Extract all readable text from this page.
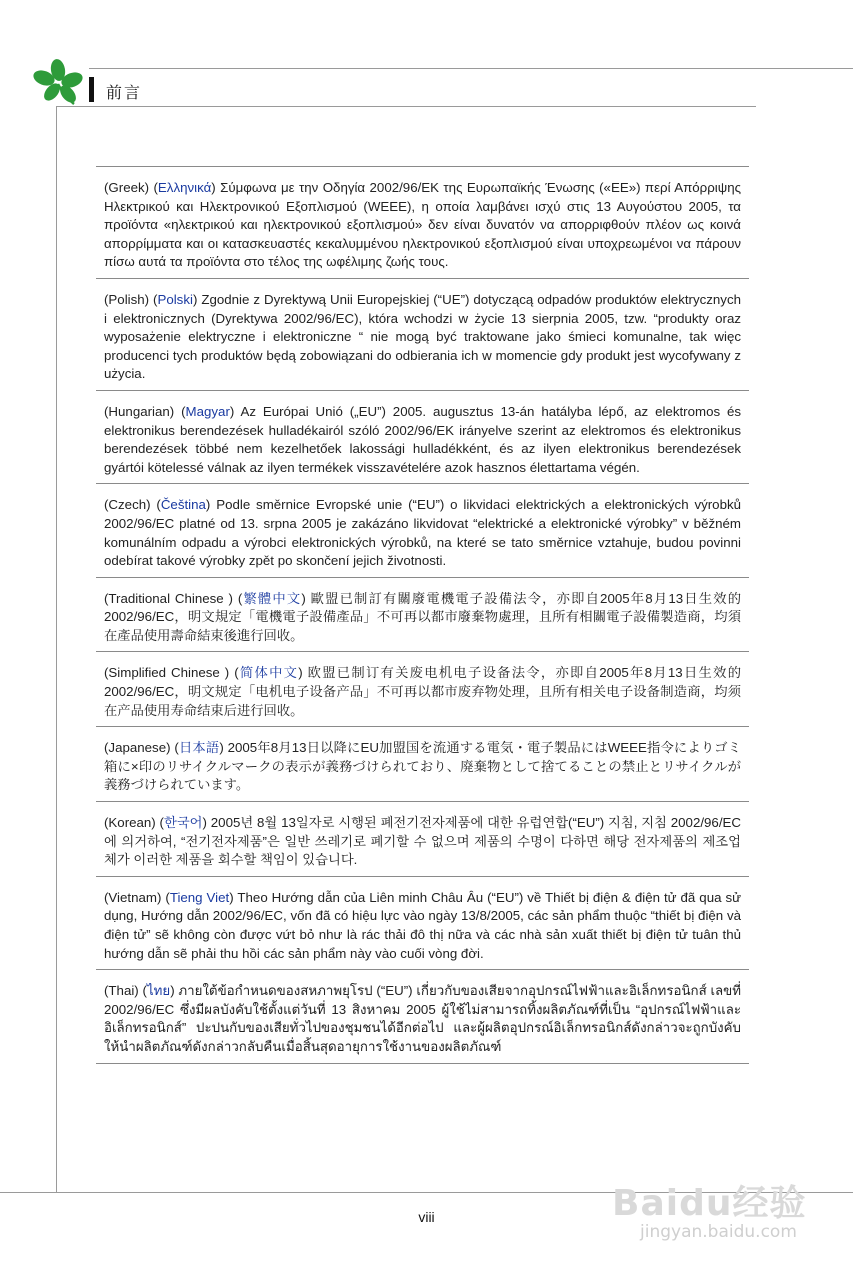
前言
(Greek) (Ελληνικά) Σύμφωνα με την Οδηγία 2002/96/ΕΚ της Ευρωπαϊκής Ένωσης («ΕΕ») περί Απόρριψης Ηλεκτρικού και Ηλεκτρονικού Εξοπλισμού (WEEE), η οποία λαμβάνει ισχύ στις 13 Αυγούστου 2005, τα προϊόντα «ηλεκτρικού και ηλεκτρονικού εξοπλισμού» δεν είναι δυνατόν να απορριφθούν πλέον ως κοινά απορρίμματα και οι κατασκευαστές κεκαλυμμένου ηλεκτρονικού εξοπλισμού είναι υποχρεωμένοι να πάρουν πίσω αυτά τα προϊόντα στο τέλος της ωφέλιμης ζωής τους.
(Polish) (Polski) Zgodnie z Dyrektywą Unii Europejskiej (“UE”) dotyczącą odpadów produktów elektrycznych i elektronicznych (Dyrektywa 2002/96/EC), która wchodzi w życie 13 sierpnia 2005, tzw. “produkty oraz wyposażenie elektryczne i elektroniczne “ nie mogą być traktowane jako śmieci komunalne, tak więc producenci tych produktów będą zobowiązani do odbierania ich w momencie gdy produkt jest wycofywany z użycia.
(Hungarian) (Magyar) Az Európai Unió („EU”) 2005. augusztus 13-án hatályba lépő, az elektromos és elektronikus berendezések hulladékairól szóló 2002/96/EK irányelve szerint az elektromos és elektronikus berendezések többé nem kezelhetőek lakossági hulladékként, és az ilyen elektronikus berendezések gyártói kötelessé válnak az ilyen termékek visszavételére azok hasznos élettartama végén.
(Czech) (Čeština) Podle směrnice Evropské unie (“EU”) o likvidaci elektrických a elektronických výrobků 2002/96/EC platné od 13. srpna 2005 je zakázáno likvidovat “elektrické a elektronické výrobky” v běžném komunálním odpadu a výrobci elektronických výrobků, na které se tato směrnice vztahuje, budou povinni odebírat takové výrobky zpět po skončení jejich životnosti.
(Traditional Chinese ) (繁體中文) 歐盟已制訂有關廢電機電子設備法令，亦即自2005年8月13日生效的2002/96/EC，明文規定「電機電子設備產品」不可再以都市廢棄物處理，且所有相關電子設備製造商，均須在產品使用壽命結束後進行回收。
(Simplified Chinese ) (简体中文) 欧盟已制订有关废电机电子设备法令，亦即自2005年8月13日生效的2002/96/EC，明文规定「电机电子设备产品」不可再以都市废弃物处理，且所有相关电子设备制造商，均须在产品使用寿命结束后进行回收。
(Japanese) (日本語) 2005年8月13日以降にEU加盟国を流通する電気・電子製品にはWEEE指令によりゴミ箱に×印のリサイクルマークの表示が義務づけられており、廃棄物として捨てることの禁止とリサイクルが義務づけられています。
(Korean) (한국어) 2005년 8월 13일자로 시행된 폐전기전자제품에 대한 유럽연합(“EU”) 지침, 지침 2002/96/EC에 의거하여, “전기전자제품”은 일반 쓰레기로 폐기할 수 없으며 제품의 수명이 다하면 해당 전자제품의 제조업체가 이러한 제품을 회수할 책임이 있습니다.
(Vietnam) (Tieng Viet) Theo Hướng dẫn của Liên minh Châu Âu (“EU”) về Thiết bị điện & điện tử đã qua sử dụng, Hướng dẫn 2002/96/EC, vốn đã có hiệu lực vào ngày 13/8/2005, các sản phẩm thuộc “thiết bị điện và điện tử” sẽ không còn được vứt bỏ như là rác thải đô thị nữa và các nhà sản xuất thiết bị điện tử tuân thủ hướng dẫn sẽ phải thu hồi các sản phẩm này vào cuối vòng đời.
(Thai) (ไทย) ภายใต้ข้อกำหนดของสหภาพยุโรป (“EU”) เกี่ยวกับของเสียจากอุปกรณ์ไฟฟ้าและอิเล็กทรอนิกส์ เลขที่ 2002/96/EC ซึ่งมีผลบังคับใช้ตั้งแต่วันที่ 13 สิงหาคม 2005 ผู้ใช้ไม่สามารถทิ้งผลิตภัณฑ์ที่เป็น “อุปกรณ์ไฟฟ้าและอิเล็กทรอนิกส์” ปะปนกับของเสียทั่วไปของชุมชนได้อีกต่อไป และผู้ผลิตอุปกรณ์อิเล็กทรอนิกส์ดังกล่าวจะถูกบังคับให้นำผลิตภัณฑ์ดังกล่าวกลับคืนเมื่อสิ้นสุดอายุการใช้งานของผลิตภัณฑ์
viii	Baidu经验
jingyan.baidu.com
